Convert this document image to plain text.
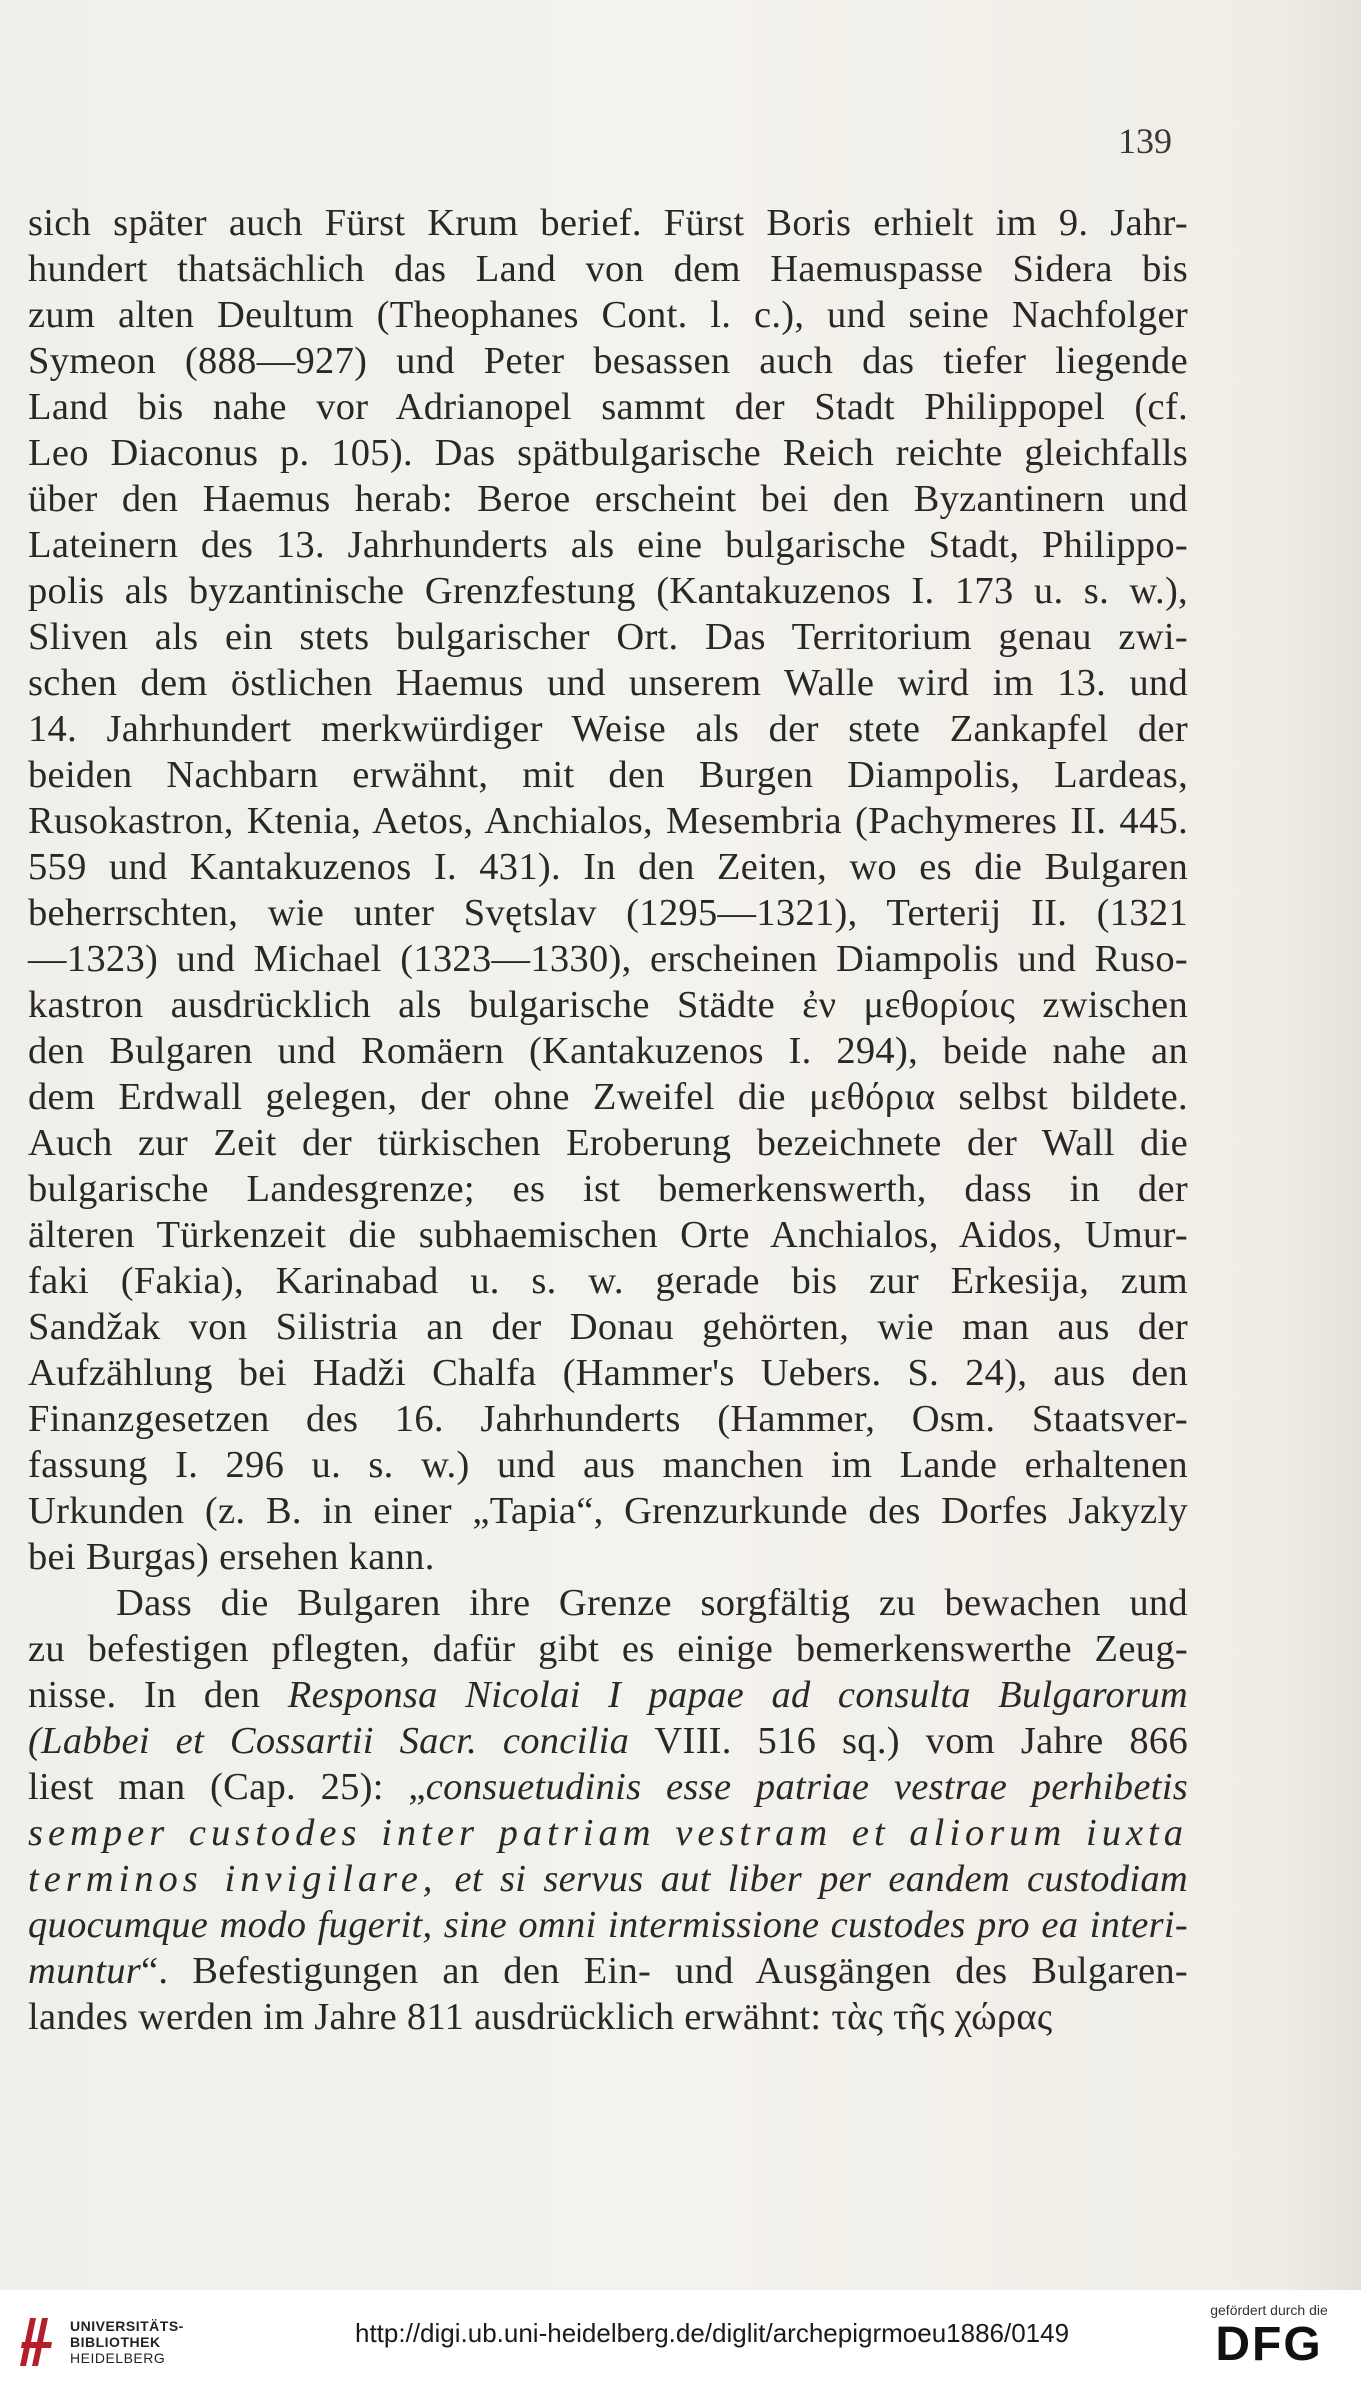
139
sich später auch Fürst Krum berief. Fürst Boris erhielt im 9. Jahr-
hundert thatsächlich das Land von dem Haemuspasse Sidera bis
zum alten Deultum (Theophanes Cont. l. c.), und seine Nachfolger
Symeon (888—927) und Peter besassen auch das tiefer liegende
Land bis nahe vor Adrianopel sammt der Stadt Philippopel (cf.
Leo Diaconus p. 105). Das spätbulgarische Reich reichte gleichfalls
über den Haemus herab: Beroe erscheint bei den Byzantinern und
Lateinern des 13. Jahrhunderts als eine bulgarische Stadt, Philippo-
polis als byzantinische Grenzfestung (Kantakuzenos I. 173 u. s. w.),
Sliven als ein stets bulgarischer Ort. Das Territorium genau zwi-
schen dem östlichen Haemus und unserem Walle wird im 13. und
14. Jahrhundert merkwürdiger Weise als der stete Zankapfel der
beiden Nachbarn erwähnt, mit den Burgen Diampolis, Lardeas,
Rusokastron, Ktenia, Aetos, Anchialos, Mesembria (Pachymeres II. 445.
559 und Kantakuzenos I. 431). In den Zeiten, wo es die Bulgaren
beherrschten, wie unter Svętslav (1295—1321), Terterij II. (1321
—1323) und Michael (1323—1330), erscheinen Diampolis und Ruso-
kastron ausdrücklich als bulgarische Städte ἐν μεθορίοις zwischen
den Bulgaren und Romäern (Kantakuzenos I. 294), beide nahe an
dem Erdwall gelegen, der ohne Zweifel die μεθόρια selbst bildete.
Auch zur Zeit der türkischen Eroberung bezeichnete der Wall die
bulgarische Landesgrenze; es ist bemerkenswerth, dass in der
älteren Türkenzeit die subhaemischen Orte Anchialos, Aidos, Umur-
faki (Fakia), Karinabad u. s. w. gerade bis zur Erkesija, zum
Sandžak von Silistria an der Donau gehörten, wie man aus der
Aufzählung bei Hadži Chalfa (Hammer's Uebers. S. 24), aus den
Finanzgesetzen des 16. Jahrhunderts (Hammer, Osm. Staatsver-
fassung I. 296 u. s. w.) und aus manchen im Lande erhaltenen
Urkunden (z. B. in einer „Tapia“, Grenzurkunde des Dorfes Jakyzly
bei Burgas) ersehen kann.
Dass die Bulgaren ihre Grenze sorgfältig zu bewachen und
zu befestigen pflegten, dafür gibt es einige bemerkenswerthe Zeug-
nisse. In den Responsa Nicolai I papae ad consulta Bulgarorum
(Labbei et Cossartii Sacr. concilia VIII. 516 sq.) vom Jahre 866
liest man (Cap. 25): „consuetudinis esse patriae vestrae perhibetis
semper custodes inter patriam vestram et aliorum iuxta
terminos invigilare, et si servus aut liber per eandem custodiam
quocumque modo fugerit, sine omni intermissione custodes pro ea interi-
muntur“. Befestigungen an den Ein- und Ausgängen des Bulgaren-
landes werden im Jahre 811 ausdrücklich erwähnt: τὰς τῆς χώρας
UNIVERSITÄTS-
BIBLIOTHEK
HEIDELBERG
http://digi.ub.uni-heidelberg.de/diglit/archepigrmoeu1886/0149
gefördert durch die
DFG
